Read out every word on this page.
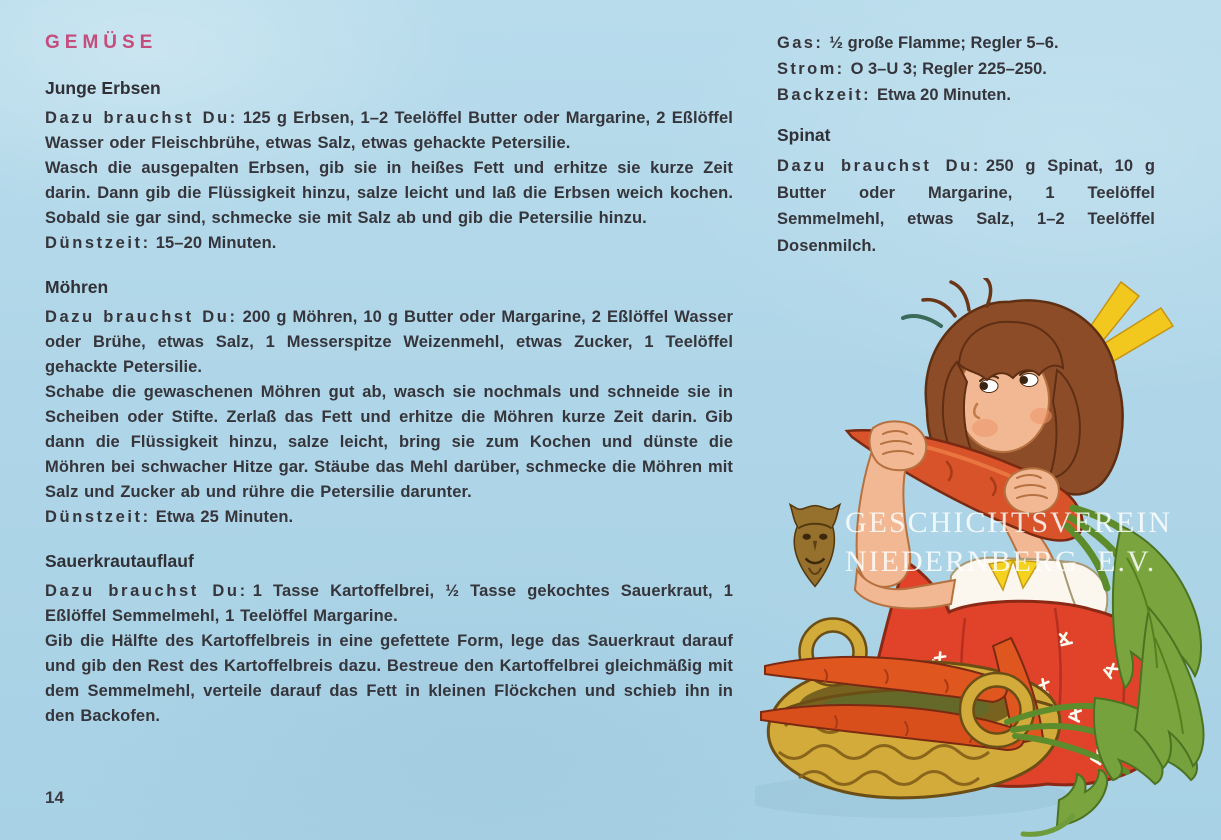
GEMÜSE
Junge Erbsen

Dazu brauchst Du: 125 g Erbsen, 1–2 Teelöffel Butter oder Margarine, 2 Eßlöffel Wasser oder Fleischbrühe, etwas Salz, etwas gehackte Petersilie.

Wasch die ausgepalten Erbsen, gib sie in heißes Fett und erhitze sie kurze Zeit darin. Dann gib die Flüssigkeit hinzu, salze leicht und laß die Erbsen weich kochen. Sobald sie gar sind, schmecke sie mit Salz ab und gib die Petersilie hinzu.

Dünstzeit: 15–20 Minuten.

Möhren

Dazu brauchst Du: 200 g Möhren, 10 g Butter oder Margarine, 2 Eßlöffel Wasser oder Brühe, etwas Salz, 1 Messerspitze Weizenmehl, etwas Zucker, 1 Teelöffel gehackte Petersilie.

Schabe die gewaschenen Möhren gut ab, wasch sie nochmals und schneide sie in Scheiben oder Stifte. Zerlaß das Fett und erhitze die Möhren kurze Zeit darin. Gib dann die Flüssigkeit hinzu, salze leicht, bring sie zum Kochen und dünste die Möhren bei schwacher Hitze gar. Stäube das Mehl darüber, schmecke die Möhren mit Salz und Zucker ab und rühre die Petersilie darunter.

Dünstzeit: Etwa 25 Minuten.

Sauerkrautauflauf

Dazu brauchst Du: 1 Tasse Kartoffelbrei, ½ Tasse gekochtes Sauerkraut, 1 Eßlöffel Semmelmehl, 1 Teelöffel Margarine.

Gib die Hälfte des Kartoffelbreis in eine gefettete Form, lege das Sauerkraut darauf und gib den Rest des Kartoffelbreis dazu. Bestreue den Kartoffelbrei gleichmäßig mit dem Semmelmehl, verteile darauf das Fett in kleinen Flöckchen und schieb ihn in den Backofen.

Gas: ½ große Flamme; Regler 5–6.
Strom: O 3–U 3; Regler 225–250.
Backzeit: Etwa 20 Minuten.
Spinat

Dazu brauchst Du: 250 g Spinat, 10 g Butter oder Margarine, 1 Teelöffel Semmelmehl, etwas Salz, 1–2 Teelöffel Dosenmilch.

GESCHICHTSVEREIN
NIEDERNBERG E.V.
14
